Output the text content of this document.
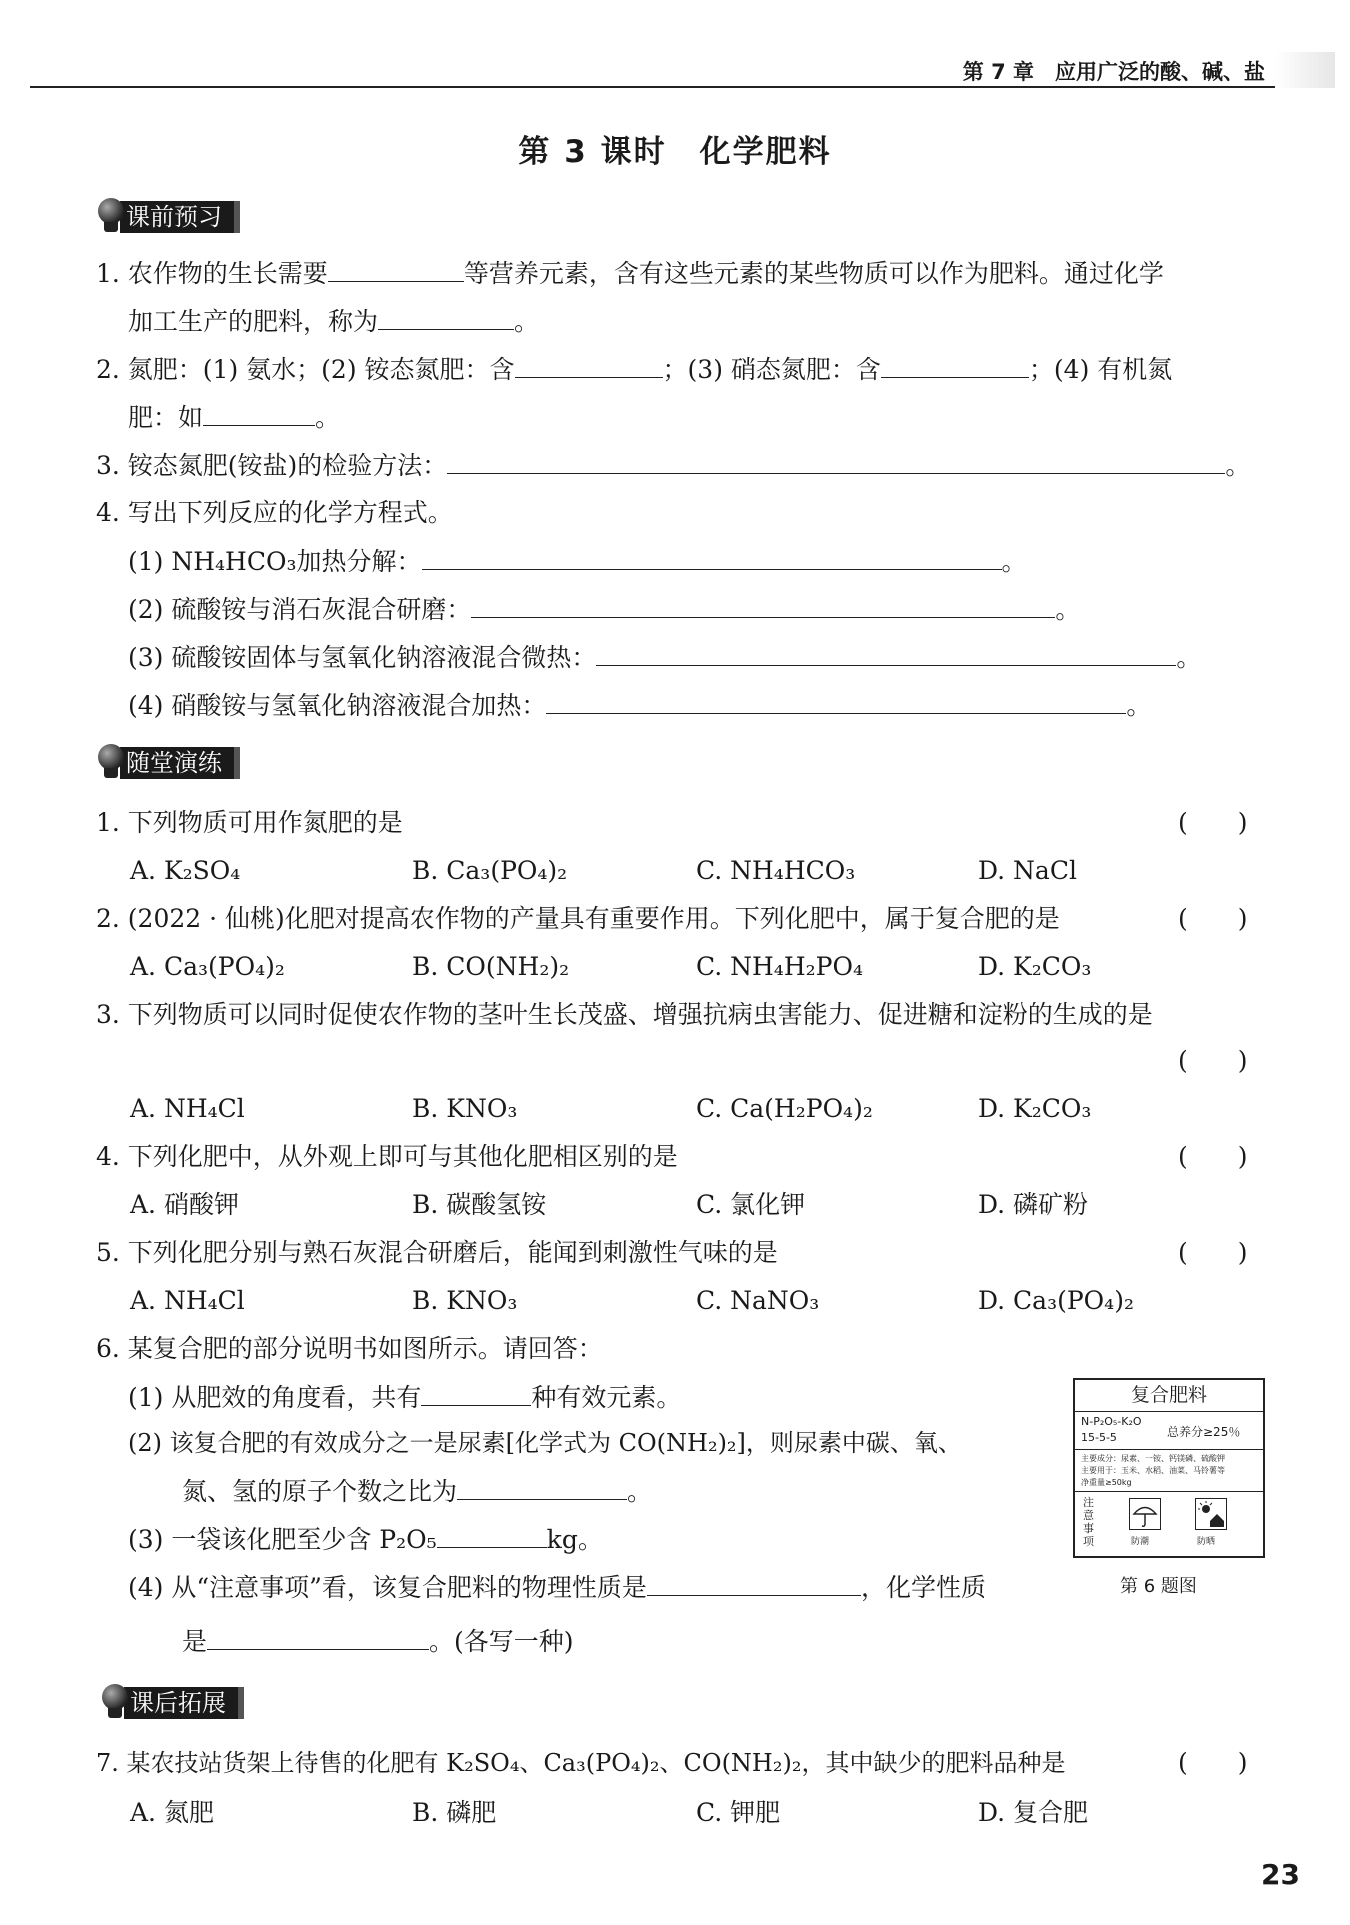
第 7 章　应用广泛的酸、碱、盐
第 3 课时　化学肥料
课前预习
1. 农作物的生长需要	等营养元素，含有这些元素的某些物质可以作为肥料。通过化学
加工生产的肥料，称为	。
2. 氮肥：(1) 氨水；(2) 铵态氮肥：含	；(3) 硝态氮肥：含	；(4) 有机氮
肥：如	。
3. 铵态氮肥(铵盐)的检验方法：	。
4. 写出下列反应的化学方程式。
(1) NH₄HCO₃加热分解：	。
(2) 硫酸铵与消石灰混合研磨：	。
(3) 硫酸铵固体与氢氧化钠溶液混合微热：	。
(4) 硝酸铵与氢氧化钠溶液混合加热：	。
随堂演练
1. 下列物质可用作氮肥的是	(　　)
A. K₂SO₄	B. Ca₃(PO₄)₂	C. NH₄HCO₃	D. NaCl
2. (2022 · 仙桃)化肥对提高农作物的产量具有重要作用。下列化肥中，属于复合肥的是	(　　)
A. Ca₃(PO₄)₂	B. CO(NH₂)₂	C. NH₄H₂PO₄	D. K₂CO₃
3. 下列物质可以同时促使农作物的茎叶生长茂盛、增强抗病虫害能力、促进糖和淀粉的生成的是
(　　)
A. NH₄Cl	B. KNO₃	C. Ca(H₂PO₄)₂	D. K₂CO₃
4. 下列化肥中，从外观上即可与其他化肥相区别的是	(　　)
A. 硝酸钾	B. 碳酸氢铵	C. 氯化钾	D. 磷矿粉
5. 下列化肥分别与熟石灰混合研磨后，能闻到刺激性气味的是	(　　)
A. NH₄Cl	B. KNO₃	C. NaNO₃	D. Ca₃(PO₄)₂
6. 某复合肥的部分说明书如图所示。请回答：
(1) 从肥效的角度看，共有	种有效元素。
(2) 该复合肥的有效成分之一是尿素[化学式为 CO(NH₂)₂]，则尿素中碳、氧、
氮、氢的原子个数之比为	。
(3) 一袋该化肥至少含 P₂O₅	kg。
(4) 从“注意事项”看，该复合肥料的物理性质是	，化学性质
是	。(各写一种)
复合肥料
N-P₂O₅-K₂O
15-5-5	总养分≥25％
主要成分：尿素、一铵、钙镁磷、硫酸钾
主要用于：玉米、水稻、油菜、马铃薯等
净重量≥50kg
注意事项	防潮	防晒
第 6 题图
课后拓展
7. 某农技站货架上待售的化肥有 K₂SO₄、Ca₃(PO₄)₂、CO(NH₂)₂，其中缺少的肥料品种是	(　　)
A. 氮肥	B. 磷肥	C. 钾肥	D. 复合肥
23
